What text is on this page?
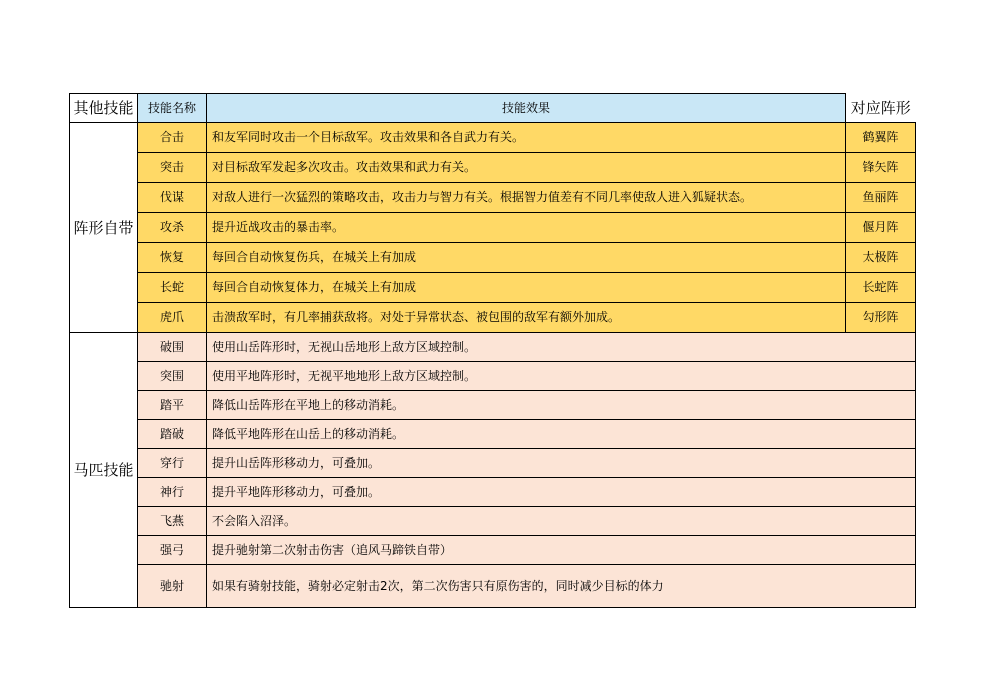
其他技能	技能名称	技能效果	对应阵形
阵形自带	合击	和友军同时攻击一个目标敌军。攻击效果和各自武力有关。	鹤翼阵
	突击	对目标敌军发起多次攻击。攻击效果和武力有关。	锋矢阵
	伐谋	对敌人进行一次猛烈的策略攻击，攻击力与智力有关。根据智力值差有不同几率使敌人进入狐疑状态。	鱼丽阵
	攻杀	提升近战攻击的暴击率。	偃月阵
	恢复	每回合自动恢复伤兵，在城关上有加成	太极阵
	长蛇	每回合自动恢复体力，在城关上有加成	长蛇阵
	虎爪	击溃敌军时，有几率捕获敌将。对处于异常状态、被包围的敌军有额外加成。	勾形阵
马匹技能	破围	使用山岳阵形时，无视山岳地形上敌方区域控制。	
	突围	使用平地阵形时，无视平地地形上敌方区域控制。	
	踏平	降低山岳阵形在平地上的移动消耗。	
	踏破	降低平地阵形在山岳上的移动消耗。	
	穿行	提升山岳阵形移动力，可叠加。	
	神行	提升平地阵形移动力，可叠加。	
	飞燕	不会陷入沼泽。	
	强弓	提升驰射第二次射击伤害（追风马蹄铁自带）	
	驰射	如果有骑射技能，骑射必定射击2次，第二次伤害只有原伤害的，同时减少目标的体力	
